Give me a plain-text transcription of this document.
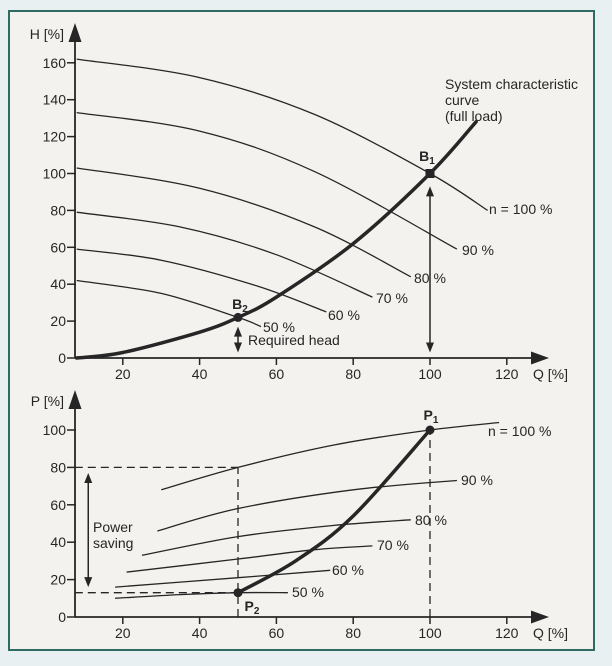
20	40	60	80	100	120
0
20
40
60
80
100
120
140
160
H [%]
Q [%]
n = 100 %
90 %
80 %
70 %
60 %
50 %
System characteristic
curve
(full load)
Required head
$B_1$
$B_2$
20	40	60	80	100	120
0
20
40
60
80
100
P [%]
Q [%]
n = 100 %
90 %
80 %
70 %
60 %
50 %
Power
saving
$P_1$
$P_2$
